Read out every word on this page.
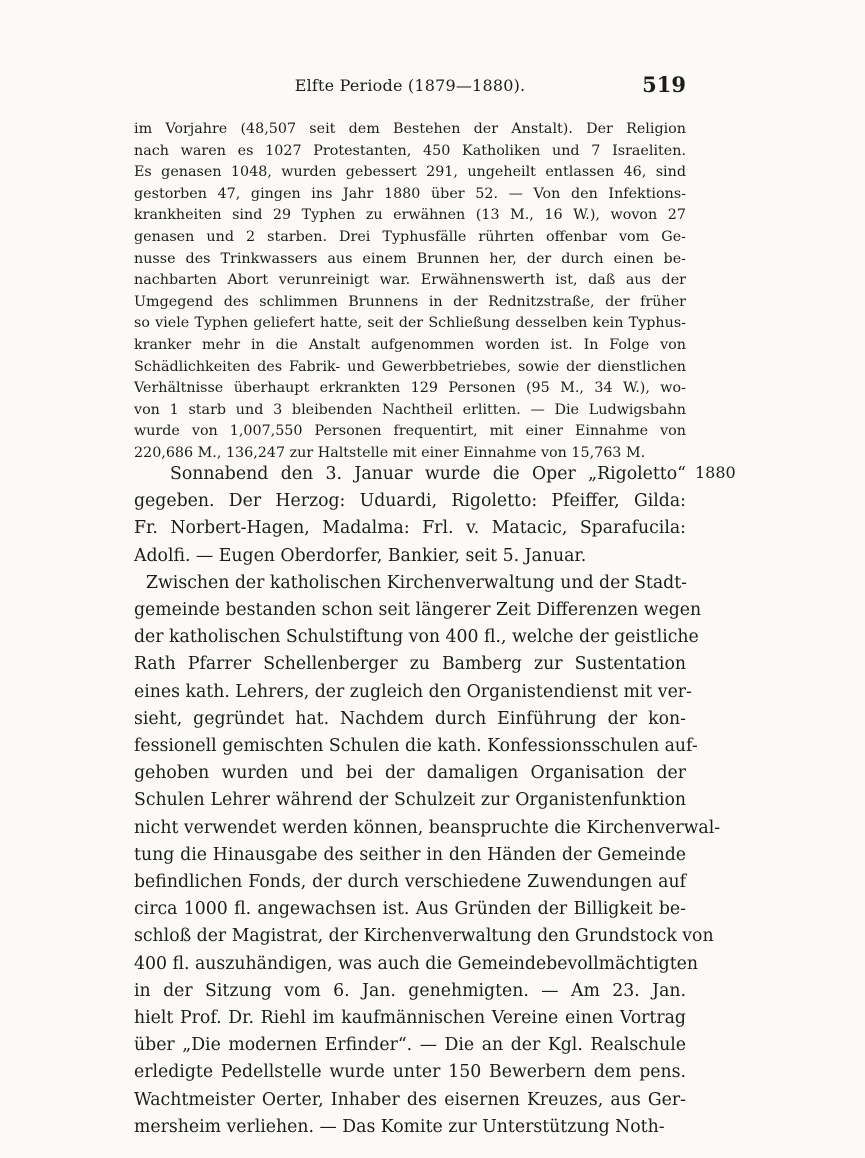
Elfte Periode (1879—1880).	519
im Vorjahre (48,507 seit dem Bestehen der Anstalt). Der Religion
nach waren es 1027 Protestanten, 450 Katholiken und 7 Israeliten.
Es genasen 1048, wurden gebessert 291, ungeheilt entlassen 46, sind
gestorben 47, gingen ins Jahr 1880 über 52. — Von den Infektions-
krankheiten sind 29 Typhen zu erwähnen (13 M., 16 W.), wovon 27
genasen und 2 starben. Drei Typhusfälle rührten offenbar vom Ge-
nusse des Trinkwassers aus einem Brunnen her, der durch einen be-
nachbarten Abort verunreinigt war. Erwähnenswerth ist, daß aus der
Umgegend des schlimmen Brunnens in der Rednitzstraße, der früher
so viele Typhen geliefert hatte, seit der Schließung desselben kein Typhus-
kranker mehr in die Anstalt aufgenommen worden ist. In Folge von
Schädlichkeiten des Fabrik- und Gewerbbetriebes, sowie der dienstlichen
Verhältnisse überhaupt erkrankten 129 Personen (95 M., 34 W.), wo-
von 1 starb und 3 bleibenden Nachtheil erlitten. — Die Ludwigsbahn
wurde von 1,007,550 Personen frequentirt, mit einer Einnahme von
220,686 M., 136,247 zur Haltstelle mit einer Einnahme von 15,763 M.
1880
Sonnabend den 3. Januar wurde die Oper „Rigoletto“
gegeben. Der Herzog: Uduardi, Rigoletto: Pfeiffer, Gilda:
Fr. Norbert-Hagen, Madalma: Frl. v. Matacic, Sparafucila:
Adolfi. — Eugen Oberdorfer, Bankier, seit 5. Januar.
Zwischen der katholischen Kirchenverwaltung und der Stadt-
gemeinde bestanden schon seit längerer Zeit Differenzen wegen
der katholischen Schulstiftung von 400 fl., welche der geistliche
Rath Pfarrer Schellenberger zu Bamberg zur Sustentation
eines kath. Lehrers, der zugleich den Organistendienst mit ver-
sieht, gegründet hat. Nachdem durch Einführung der kon-
fessionell gemischten Schulen die kath. Konfessionsschulen auf-
gehoben wurden und bei der damaligen Organisation der
Schulen Lehrer während der Schulzeit zur Organistenfunktion
nicht verwendet werden können, beanspruchte die Kirchenverwal-
tung die Hinausgabe des seither in den Händen der Gemeinde
befindlichen Fonds, der durch verschiedene Zuwendungen auf
circa 1000 fl. angewachsen ist. Aus Gründen der Billigkeit be-
schloß der Magistrat, der Kirchenverwaltung den Grundstock von
400 fl. auszuhändigen, was auch die Gemeindebevollmächtigten
in der Sitzung vom 6. Jan. genehmigten. — Am 23. Jan.
hielt Prof. Dr. Riehl im kaufmännischen Vereine einen Vortrag
über „Die modernen Erfinder“. — Die an der Kgl. Realschule
erledigte Pedellstelle wurde unter 150 Bewerbern dem pens.
Wachtmeister Oerter, Inhaber des eisernen Kreuzes, aus Ger-
mersheim verliehen. — Das Komite zur Unterstützung Noth-
